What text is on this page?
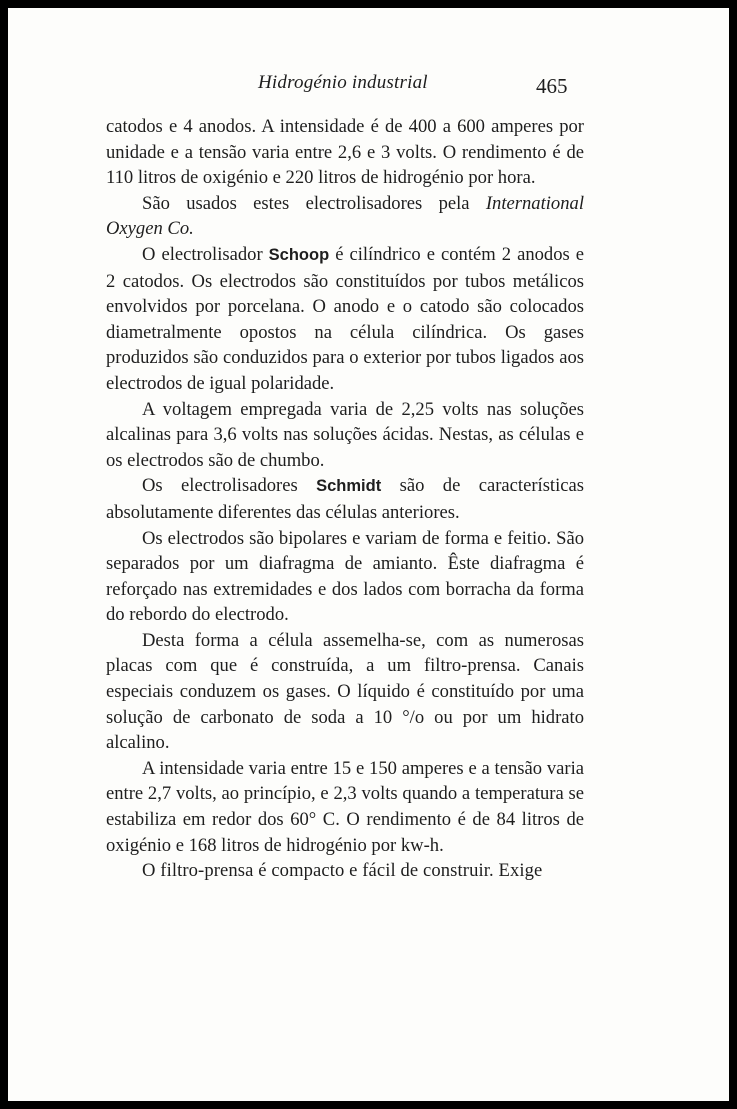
Hidrogénio industrial	465

catodos e 4 anodos. A intensidade é de 400 a 600 amperes por unidade e a tensão varia entre 2,6 e 3 volts. O rendimento é de 110 litros de oxigénio e 220 litros de hidrogénio por hora.

São usados estes electrolisadores pela International Oxygen Co.

O electrolisador Schoop é cilíndrico e contém 2 anodos e 2 catodos. Os electrodos são constituídos por tubos metálicos envolvidos por porcelana. O anodo e o catodo são colocados diametralmente opostos na célula cilíndrica. Os gases produzidos são conduzidos para o exterior por tubos ligados aos electrodos de igual polaridade.

A voltagem empregada varia de 2,25 volts nas soluções alcalinas para 3,6 volts nas soluções ácidas. Nestas, as células e os electrodos são de chumbo.

Os electrolisadores Schmidt são de características absolutamente diferentes das células anteriores.

Os electrodos são bipolares e variam de forma e feitio. São separados por um diafragma de amianto. Êste diafragma é reforçado nas extremidades e dos lados com borracha da forma do rebordo do electrodo.

Desta forma a célula assemelha-se, com as numerosas placas com que é construída, a um filtro-prensa. Canais especiais conduzem os gases. O líquido é constituído por uma solução de carbonato de soda a 10 °/o ou por um hidrato alcalino.

A intensidade varia entre 15 e 150 amperes e a tensão varia entre 2,7 volts, ao princípio, e 2,3 volts quando a temperatura se estabiliza em redor dos 60° C. O rendimento é de 84 litros de oxigénio e 168 litros de hidrogénio por kw-h.

O filtro-prensa é compacto e fácil de construir. Exige
